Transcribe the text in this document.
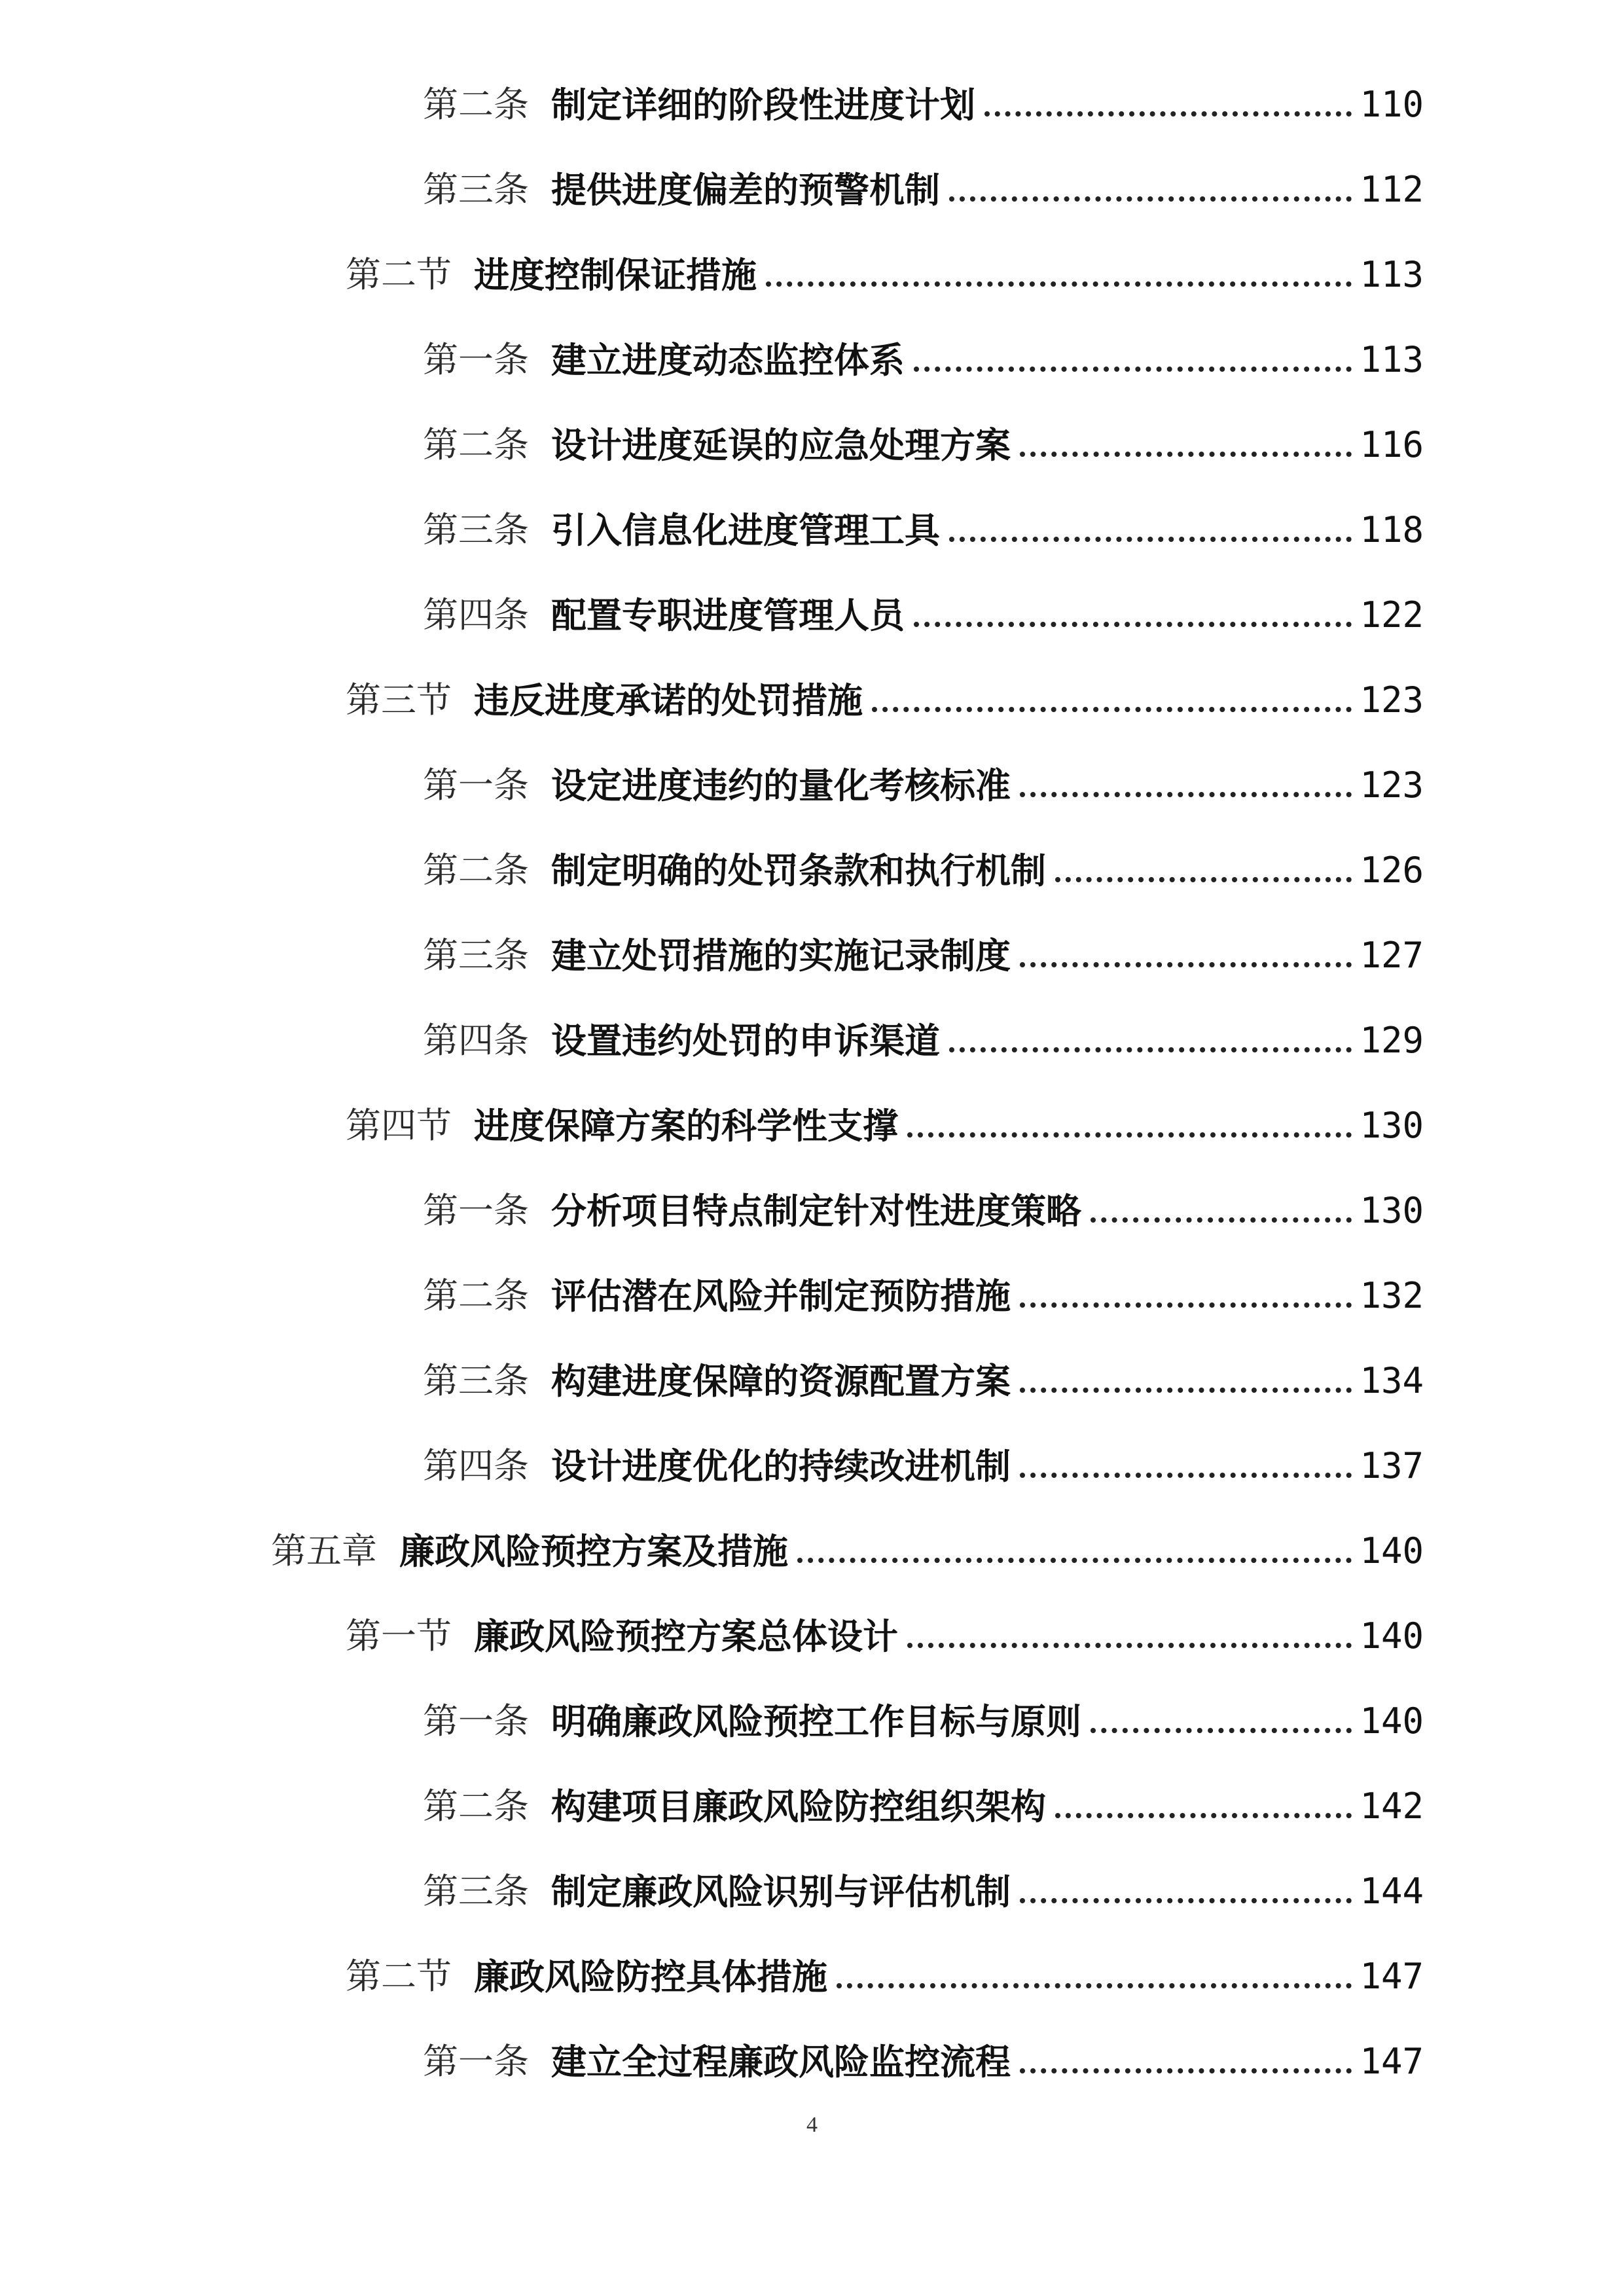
第二条 制定详细的阶段性进度计划	110
第三条 提供进度偏差的预警机制	112
第二节 进度控制保证措施	113
第一条 建立进度动态监控体系	113
第二条 设计进度延误的应急处理方案	116
第三条 引入信息化进度管理工具	118
第四条 配置专职进度管理人员	122
第三节 违反进度承诺的处罚措施	123
第一条 设定进度违约的量化考核标准	123
第二条 制定明确的处罚条款和执行机制	126
第三条 建立处罚措施的实施记录制度	127
第四条 设置违约处罚的申诉渠道	129
第四节 进度保障方案的科学性支撑	130
第一条 分析项目特点制定针对性进度策略	130
第二条 评估潜在风险并制定预防措施	132
第三条 构建进度保障的资源配置方案	134
第四条 设计进度优化的持续改进机制	137
第五章 廉政风险预控方案及措施	140
第一节 廉政风险预控方案总体设计	140
第一条 明确廉政风险预控工作目标与原则	140
第二条 构建项目廉政风险防控组织架构	142
第三条 制定廉政风险识别与评估机制	144
第二节 廉政风险防控具体措施	147
第一条 建立全过程廉政风险监控流程	147
4
